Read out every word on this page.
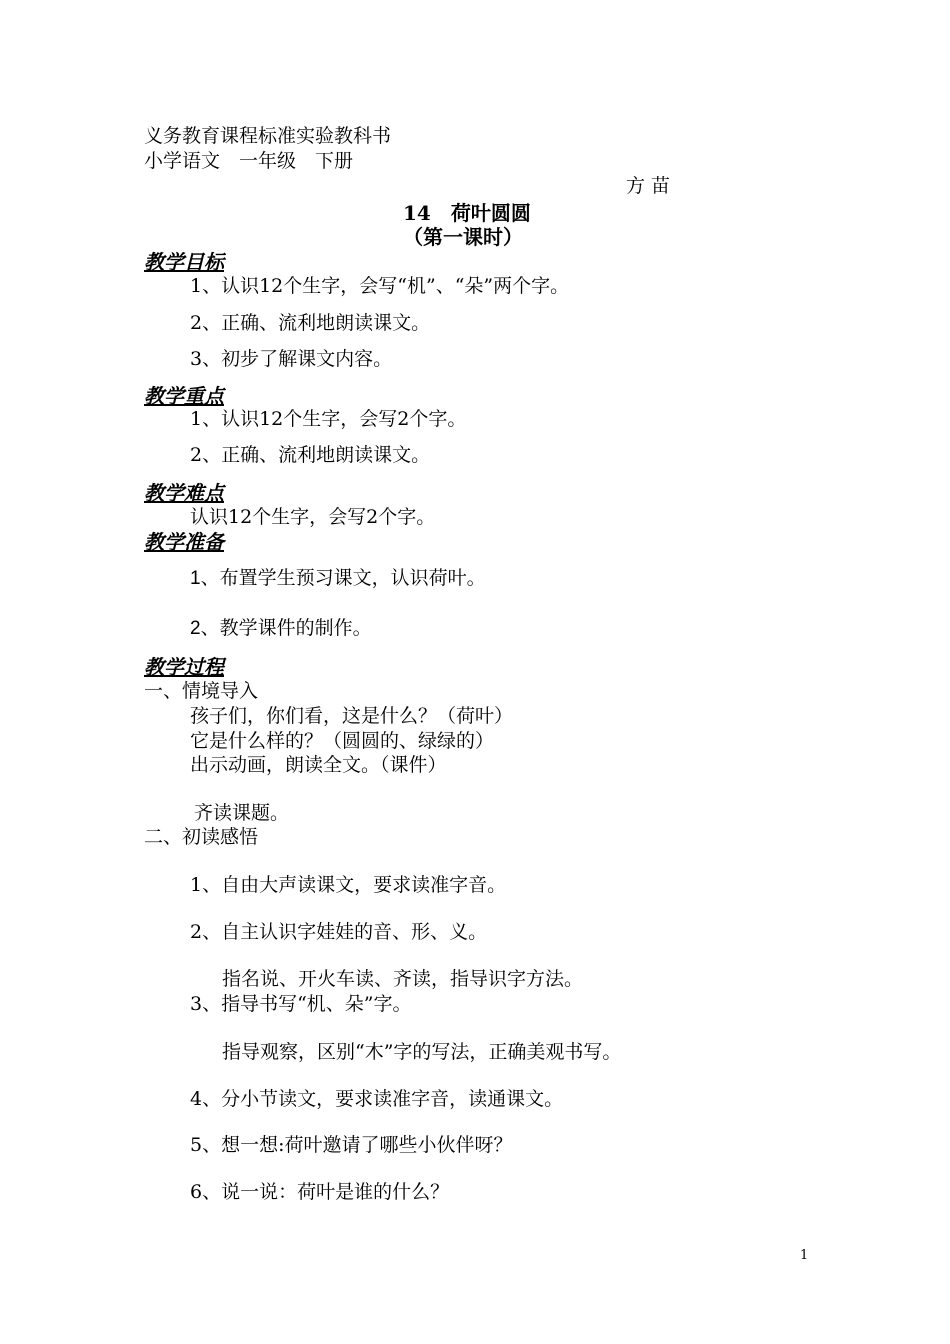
义务教育课程标准实验教科书
小学语文　一年级　下册
方 苗
14　荷叶圆圆
（第一课时）
教学目标
1、认识12个生字，会写“机”、“朵”两个字。
2、正确、流利地朗读课文。
3、初步了解课文内容。
教学重点
1、认识12个生字，会写2个字。
2、正确、流利地朗读课文。
教学难点
认识12个生字，会写2个字。
教学准备
1、布置学生预习课文，认识荷叶。
2、教学课件的制作。
教学过程
一、情境导入
孩子们，你们看，这是什么？（荷叶）
它是什么样的？（圆圆的、绿绿的）
出示动画，朗读全文。（课件）
齐读课题。
二、初读感悟
1、自由大声读课文，要求读准字音。
2、自主认识字娃娃的音、形、义。
指名说、开火车读、齐读，指导识字方法。
3、指导书写“机、朵”字。
指导观察，区别“木”字的写法，正确美观书写。
4、分小节读文，要求读准字音，读通课文。
5、想一想:荷叶邀请了哪些小伙伴呀？
6、说一说：荷叶是谁的什么？
1
